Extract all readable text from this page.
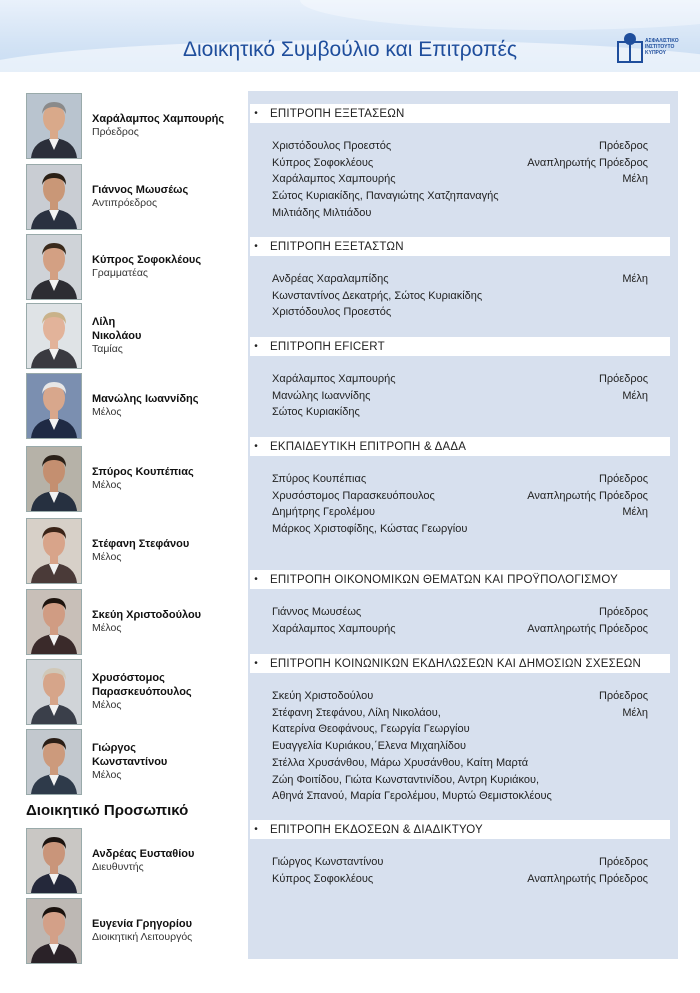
Διοικητικό Συμβούλιο και Επιτροπές	ΑΣΦΑΛΙΣΤΙΚΟ
ΙΝΣΤΙΤΟΥΤΟ
ΚΥΠΡΟΥ
Χαράλαμπος Χαμπουρής
Πρόεδρος
Γιάννος Μωυσέως
Αντιπρόεδρος
Κύπρος Σοφοκλέους
Γραμματέας
Λίλη
Νικολάου
Ταμίας
Μανώλης Ιωαννίδης
Μέλος
Σπύρος Κουπέπιας
Μέλος
Στέφανη Στεφάνου
Μέλος
Σκεύη Χριστοδούλου
Μέλος
Χρυσόστομος
Παρασκευόπουλος
Μέλος
Γιώργος
Κωνσταντίνου
Μέλος
Ανδρέας Ευσταθίου
Διευθυντής
Ευγενία Γρηγορίου
Διοικητική Λειτουργός
Διοικητικό Προσωπικό
•	ΕΠΙΤΡΟΠΗ ΕΞΕΤΑΣΕΩΝ
Χριστόδουλος Προεστός	Πρόεδρος
Κύπρος Σοφοκλέους	Αναπληρωτής Πρόεδρος
Χαράλαμπος Χαμπουρής	Μέλη
Σώτος Κυριακίδης, Παναγιώτης Χατζηπαναγής
Μιλτιάδης Μιλτιάδου
•	ΕΠΙΤΡΟΠΗ ΕΞΕΤΑΣΤΩΝ
Ανδρέας Χαραλαμπίδης	Μέλη
Κωνσταντίνος Δεκατρής, Σώτος Κυριακίδης
Χριστόδουλος Προεστός
•	ΕΠΙΤΡΟΠΗ EFICERT
Χαράλαμπος Χαμπουρής	Πρόεδρος
Μανώλης Ιωαννίδης	Μέλη
Σώτος Κυριακίδης
•	ΕΚΠΑΙΔΕΥΤΙΚΗ ΕΠΙΤΡΟΠΗ & ΔΑΔΑ
Σπύρος Κουπέπιας	Πρόεδρος
Χρυσόστομος Παρασκευόπουλος	Αναπληρωτής Πρόεδρος
Δημήτρης Γερολέμου	Μέλη
Μάρκος Χριστοφίδης, Κώστας Γεωργίου
•	ΕΠΙΤΡΟΠΗ ΟΙΚΟΝΟΜΙΚΩΝ ΘΕΜΑΤΩΝ ΚΑΙ ΠΡΟΫΠΟΛΟΓΙΣΜΟΥ
Γιάννος Μωυσέως	Πρόεδρος
Χαράλαμπος Χαμπουρής	Αναπληρωτής Πρόεδρος
•	ΕΠΙΤΡΟΠΗ ΚΟΙΝΩΝΙΚΩΝ ΕΚΔΗΛΩΣΕΩΝ ΚΑΙ ΔΗΜΟΣΙΩΝ ΣΧΕΣΕΩΝ
Σκεύη Χριστοδούλου	Πρόεδρος
Στέφανη Στεφάνου, Λίλη Νικολάου,	Μέλη
Κατερίνα Θεοφάνους, Γεωργία Γεωργίου
Ευαγγελία Κυριάκου,΄Ελενα Μιχαηλίδου
Στέλλα Χρυσάνθου, Μάρω Χρυσάνθου, Καίτη Μαρτά
Ζώη Φοιτίδου, Γιώτα Κωνσταντινίδου, Αντρη Κυριάκου,
Αθηνά Σπανού, Μαρία Γερολέμου, Μυρτώ Θεμιστοκλέους
•	ΕΠΙΤΡΟΠΗ ΕΚΔΟΣΕΩΝ & ΔΙΑΔΙΚΤΥΟΥ
Γιώργος Κωνσταντίνου	Πρόεδρος
Κύπρος Σοφοκλέους	Αναπληρωτής Πρόεδρος
